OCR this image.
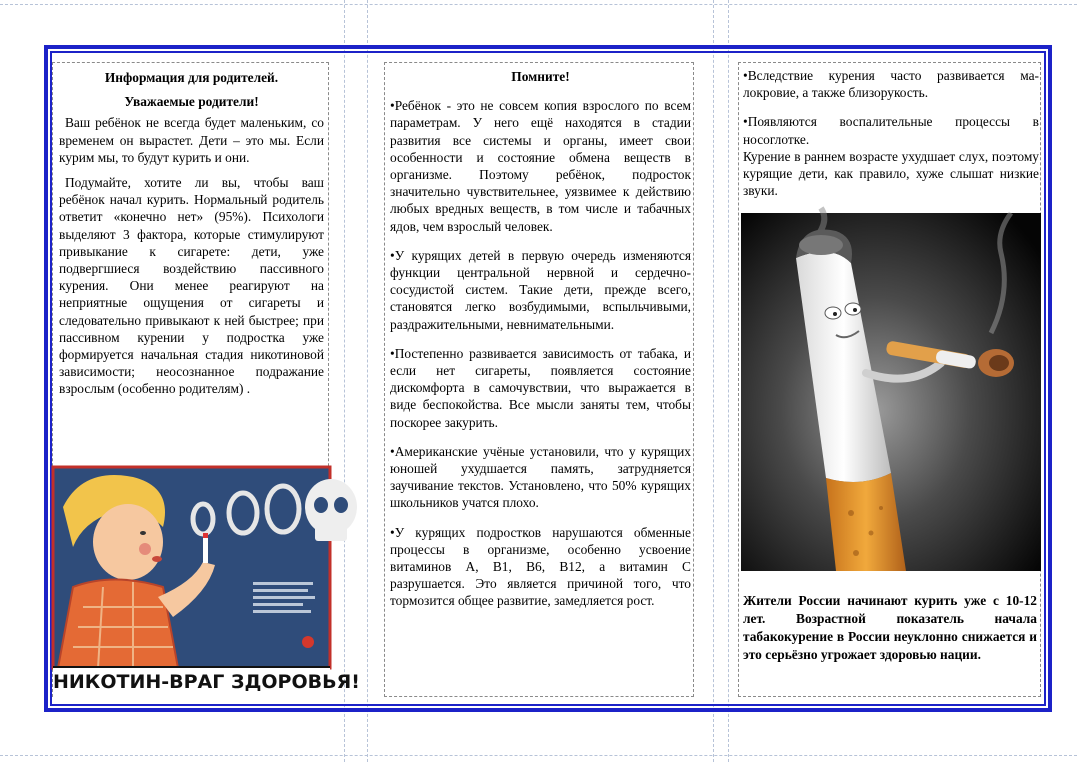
Информация для родителей.

Уважаемые родители!

Ваш ребёнок не всегда будет маленьким, со временем он вырастет. Дети – это мы. Если курим мы, то будут курить и они.

Подумайте, хотите ли вы, чтобы ваш ребёнок начал курить. Нормальный родитель ответит «конечно нет» (95%). Психологи выделяют 3 фактора, которые стимулируют привыкание к сигарете: дети, уже подвергшиеся воздействию пассивного курения. Они менее реагируют на неприятные ощущения от сигареты и следовательно привыкают к ней быстрее; при пассивном курении у подростка уже формируется начальная стадия никотиновой зависимости; неосознанное подражание взрослым (особенно родителям) .

НИКОТИН-ВРАГ ЗДОРОВЬЯ!

Помните!

•Ребёнок - это не совсем копия взрослого по всем параметрам. У него ещё находятся в стадии развития все системы и органы, имеет свои особенности и состояние обмена веществ в организме. Поэтому ребёнок, подросток значительно чувствительнее, уязвимее к действию любых вредных веществ, в том числе и табачных ядов, чем взрослый человек.

•У курящих детей в первую очередь изменяются функции центральной нервной и сердечно-сосудистой систем. Такие дети, прежде всего, становятся легко возбудимыми, вспыльчивыми, раздражительными, невнимательными.

•Постепенно развивается зависимость от табака, и если нет сигареты, появляется состояние дискомфорта в самочувствии, что выражается в виде беспокойства. Все мысли заняты тем, чтобы поскорее закурить.

•Американские учёные установили, что у курящих юношей ухудшается память, затрудняется заучивание текстов. Установлено, что 50% курящих школьников учатся плохо.

•У курящих подростков нарушаются обменные процессы в организме, особенно усвоение витаминов А, В1, В6, В12, а витамин С разрушается. Это является причиной того, что тормозится общее развитие, замедляется рост.

•Вследствие курения часто развивается малокровие, а также близорукость.

•Появляются воспалительные процессы в носоглотке.

Курение в раннем возрасте ухудшает слух, поэтому курящие дети, как правило, хуже слышат низкие звуки.

Жители России начинают курить уже с 10-12 лет. Возрастной показатель начала табакокурение в России неуклонно снижается и это серьёзно угрожает здоровью нации.
